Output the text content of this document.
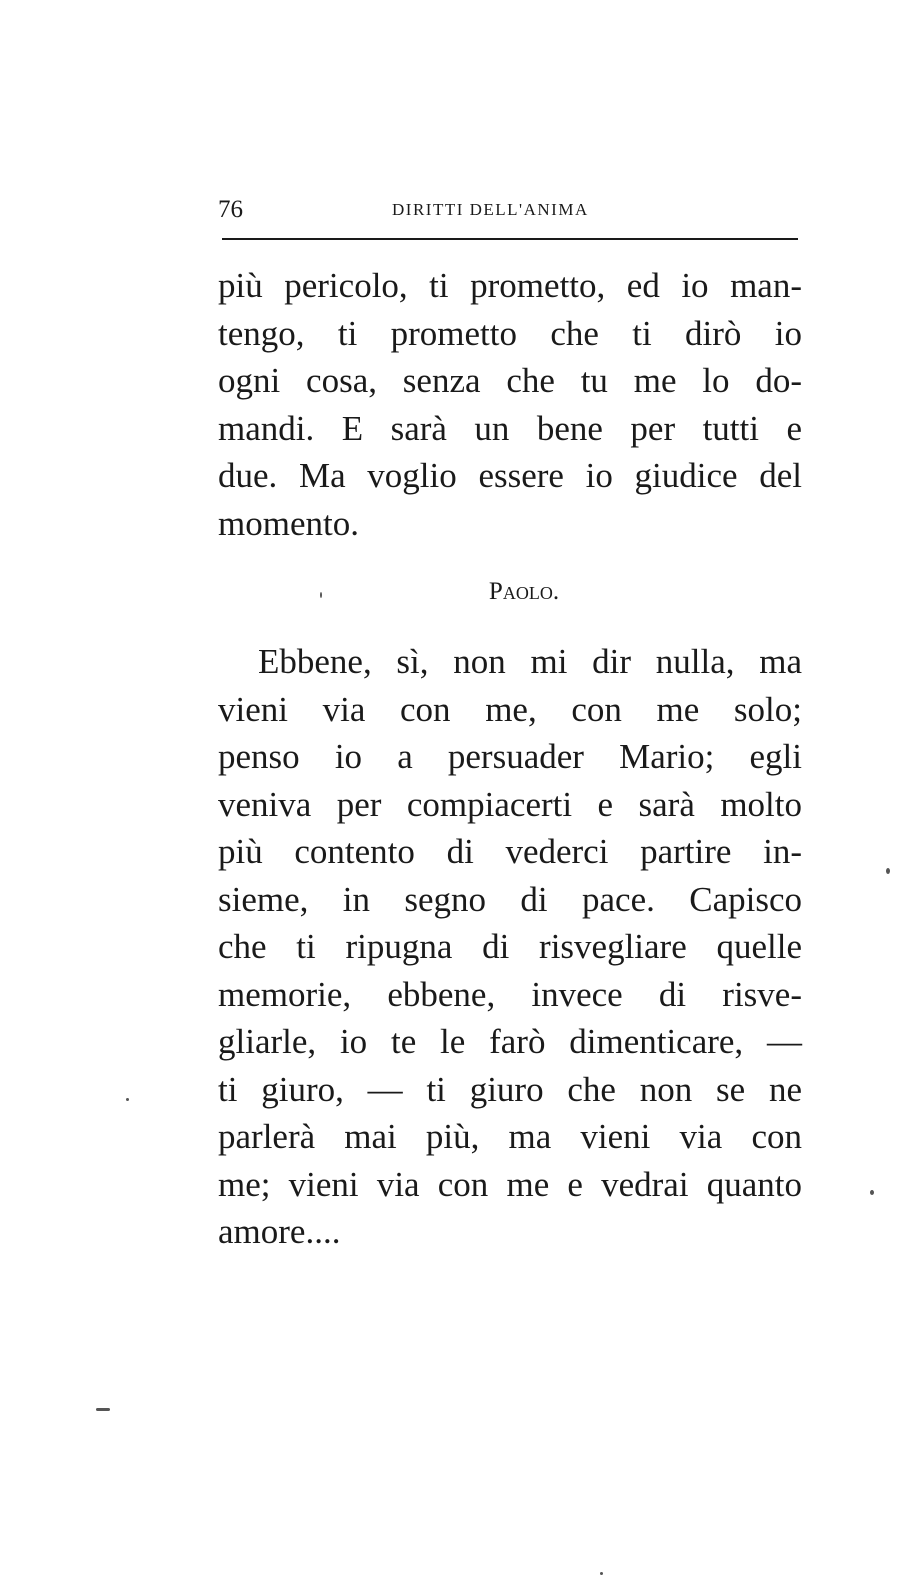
76	DIRITTI DELL'ANIMA
più pericolo, ti prometto, ed io man-
tengo, ti prometto che ti dirò io
ogni cosa, senza che tu me lo do-
mandi. E sarà un bene per tutti e
due. Ma voglio essere io giudice del
momento.
Paolo.
Ebbene, sì, non mi dir nulla, ma
vieni via con me, con me solo;
penso io a persuader Mario; egli
veniva per compiacerti e sarà molto
più contento di vederci partire in-
sieme, in segno di pace. Capisco
che ti ripugna di risvegliare quelle
memorie, ebbene, invece di risve-
gliarle, io te le farò dimenticare, —
ti giuro, — ti giuro che non se ne
parlerà mai più, ma vieni via con
me; vieni via con me e vedrai quanto
amore....
